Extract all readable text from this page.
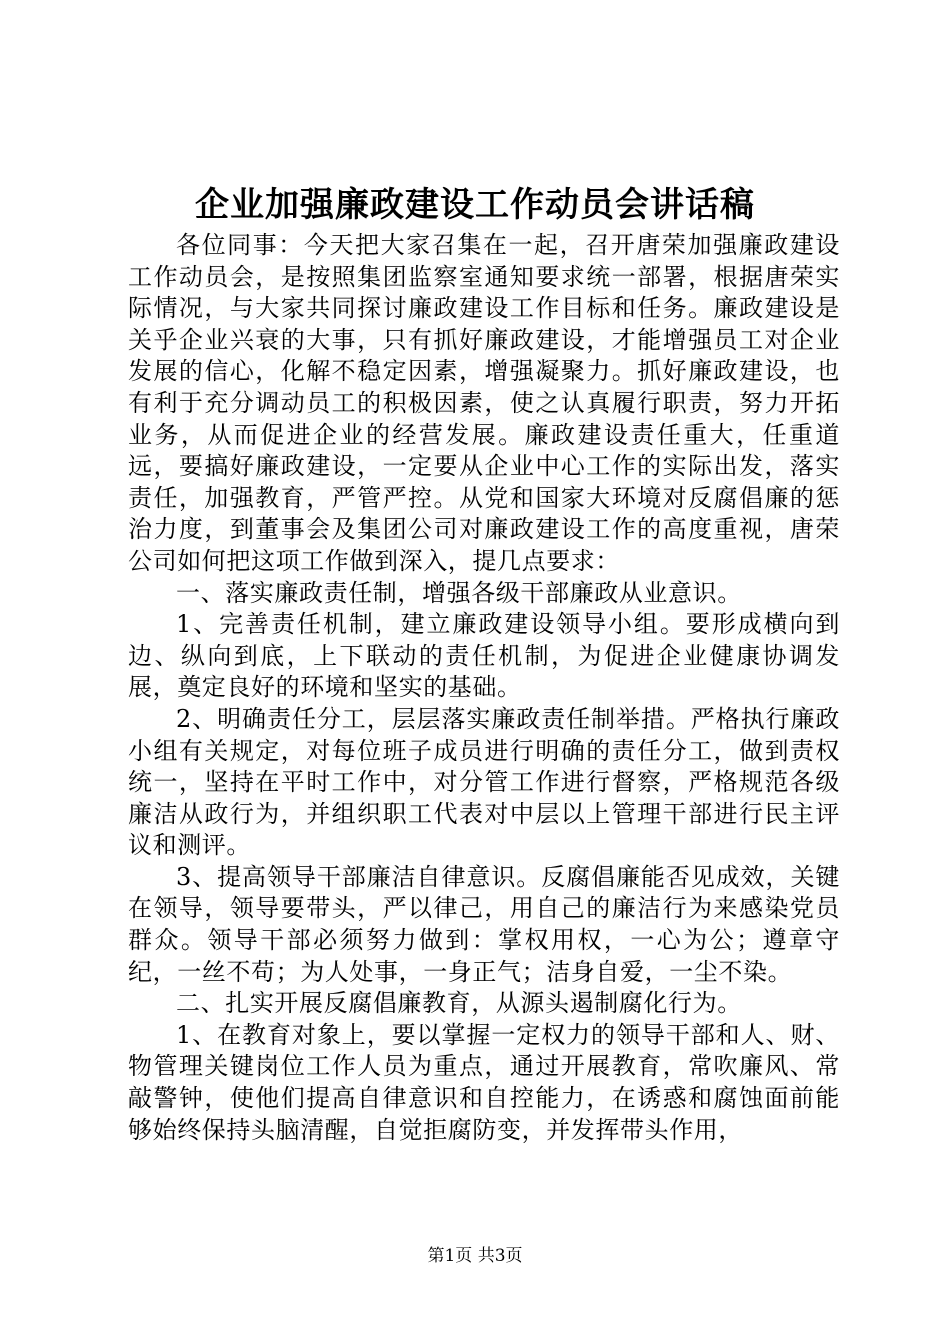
企业加强廉政建设工作动员会讲话稿

各位同事：今天把大家召集在一起，召开唐荣加强廉政建设工作动员会，是按照集团监察室通知要求统一部署，根据唐荣实际情况，与大家共同探讨廉政建设工作目标和任务。廉政建设是关乎企业兴衰的大事，只有抓好廉政建设，才能增强员工对企业发展的信心，化解不稳定因素，增强凝聚力。抓好廉政建设，也有利于充分调动员工的积极因素，使之认真履行职责，努力开拓业务，从而促进企业的经营发展。廉政建设责任重大，任重道远，要搞好廉政建设，一定要从企业中心工作的实际出发，落实责任，加强教育，严管严控。从党和国家大环境对反腐倡廉的惩治力度，到董事会及集团公司对廉政建设工作的高度重视，唐荣公司如何把这项工作做到深入，提几点要求：

一、落实廉政责任制，增强各级干部廉政从业意识。

1、完善责任机制，建立廉政建设领导小组。要形成横向到边、纵向到底，上下联动的责任机制，为促进企业健康协调发展，奠定良好的环境和坚实的基础。

2、明确责任分工，层层落实廉政责任制举措。严格执行廉政小组有关规定，对每位班子成员进行明确的责任分工，做到责权统一，坚持在平时工作中，对分管工作进行督察，严格规范各级廉洁从政行为，并组织职工代表对中层以上管理干部进行民主评议和测评。

3、提高领导干部廉洁自律意识。反腐倡廉能否见成效，关键在领导，领导要带头，严以律己，用自己的廉洁行为来感染党员群众。领导干部必须努力做到：掌权用权，一心为公；遵章守纪，一丝不苟；为人处事，一身正气；洁身自爱，一尘不染。

二、扎实开展反腐倡廉教育，从源头遏制腐化行为。

1、在教育对象上，要以掌握一定权力的领导干部和人、财、物管理关键岗位工作人员为重点，通过开展教育，常吹廉风、常敲警钟，使他们提高自律意识和自控能力，在诱惑和腐蚀面前能够始终保持头脑清醒，自觉拒腐防变，并发挥带头作用，

第1页 共3页
